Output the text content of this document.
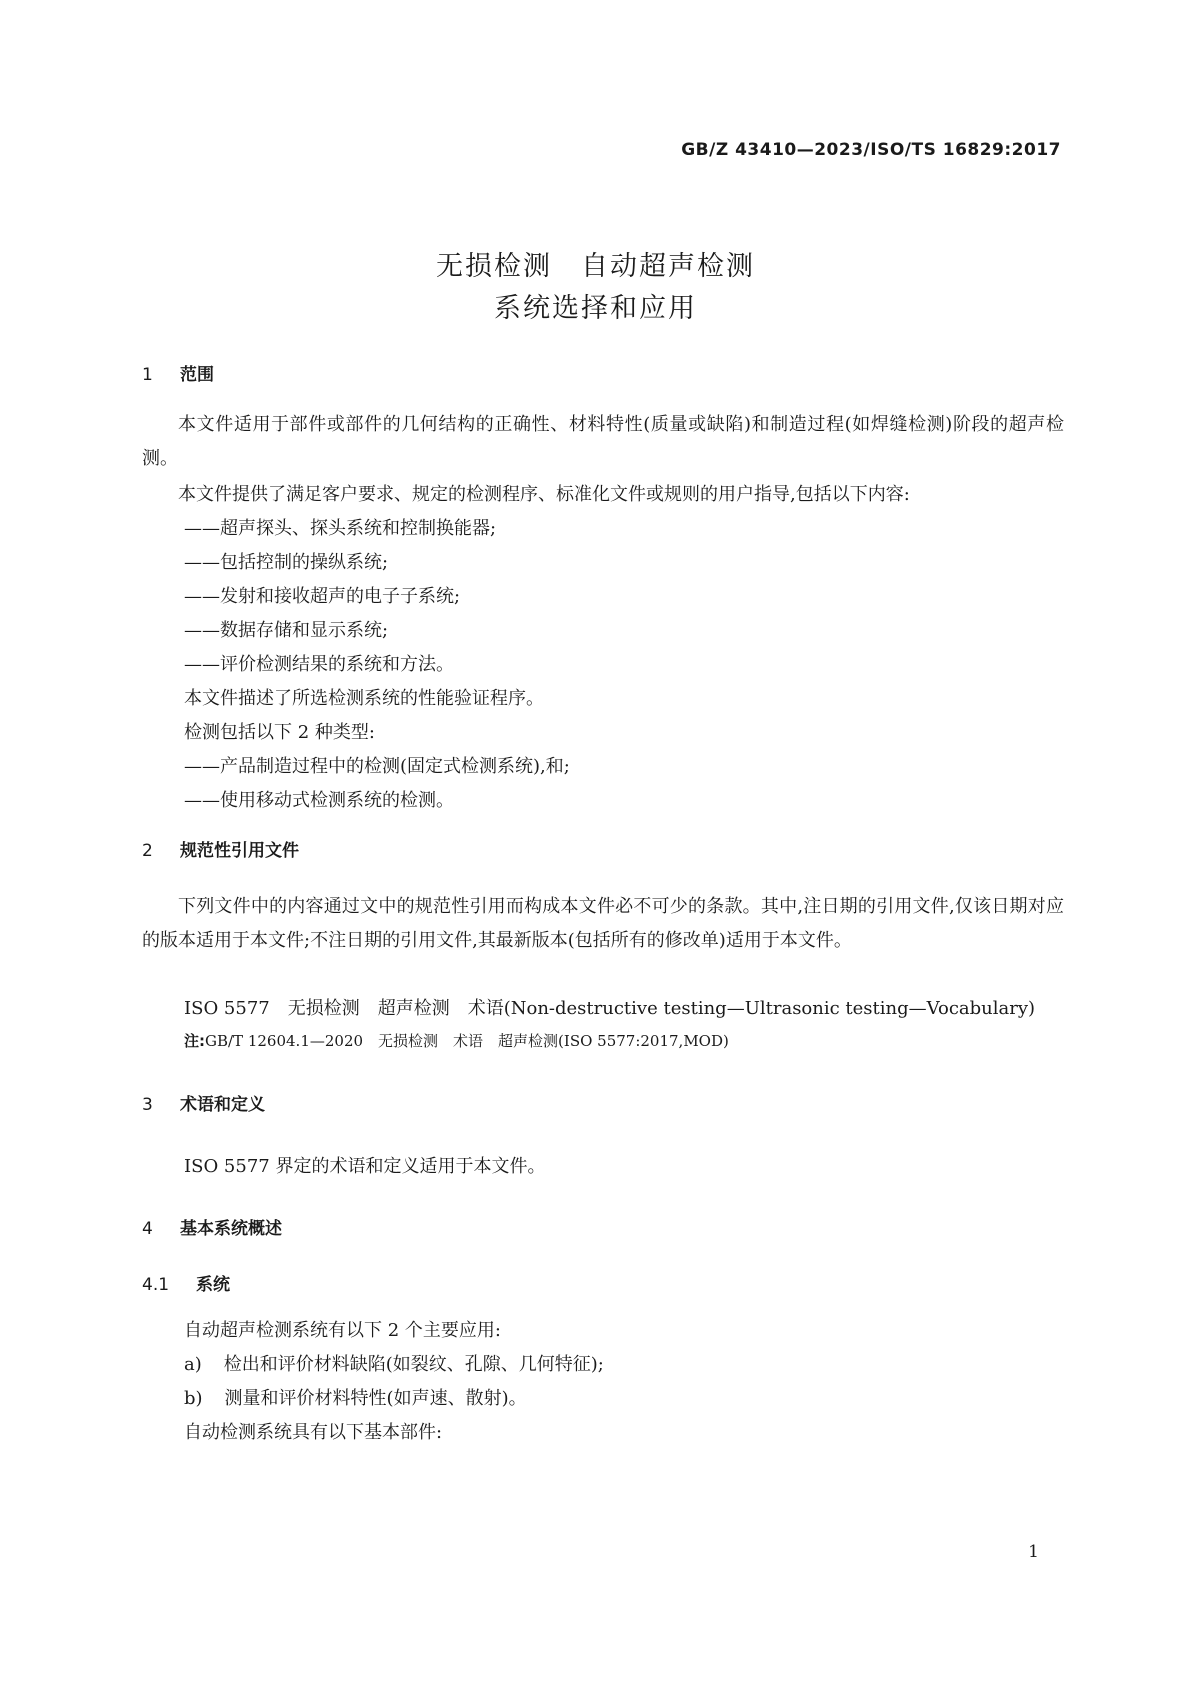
GB/Z 43410—2023/ISO/TS 16829:2017
无损检测　自动超声检测
系统选择和应用
1 范围
本文件适用于部件或部件的几何结构的正确性、材料特性(质量或缺陷)和制造过程(如焊缝检测)阶段的超声检测。
本文件提供了满足客户要求、规定的检测程序、标准化文件或规则的用户指导,包括以下内容:
——超声探头、探头系统和控制换能器;
——包括控制的操纵系统;
——发射和接收超声的电子子系统;
——数据存储和显示系统;
——评价检测结果的系统和方法。
本文件描述了所选检测系统的性能验证程序。
检测包括以下 2 种类型:
——产品制造过程中的检测(固定式检测系统),和;
——使用移动式检测系统的检测。
2 规范性引用文件
下列文件中的内容通过文中的规范性引用而构成本文件必不可少的条款。其中,注日期的引用文件,仅该日期对应的版本适用于本文件;不注日期的引用文件,其最新版本(包括所有的修改单)适用于本文件。
ISO 5577　无损检测　超声检测　术语(Non-destructive testing—Ultrasonic testing—Vocabulary)
注:GB/T 12604.1—2020　无损检测　术语　超声检测(ISO 5577:2017,MOD)
3 术语和定义
ISO 5577 界定的术语和定义适用于本文件。
4 基本系统概述
4.1 系统
自动超声检测系统有以下 2 个主要应用:
a) 检出和评价材料缺陷(如裂纹、孔隙、几何特征);
b) 测量和评价材料特性(如声速、散射)。
自动检测系统具有以下基本部件:
1
